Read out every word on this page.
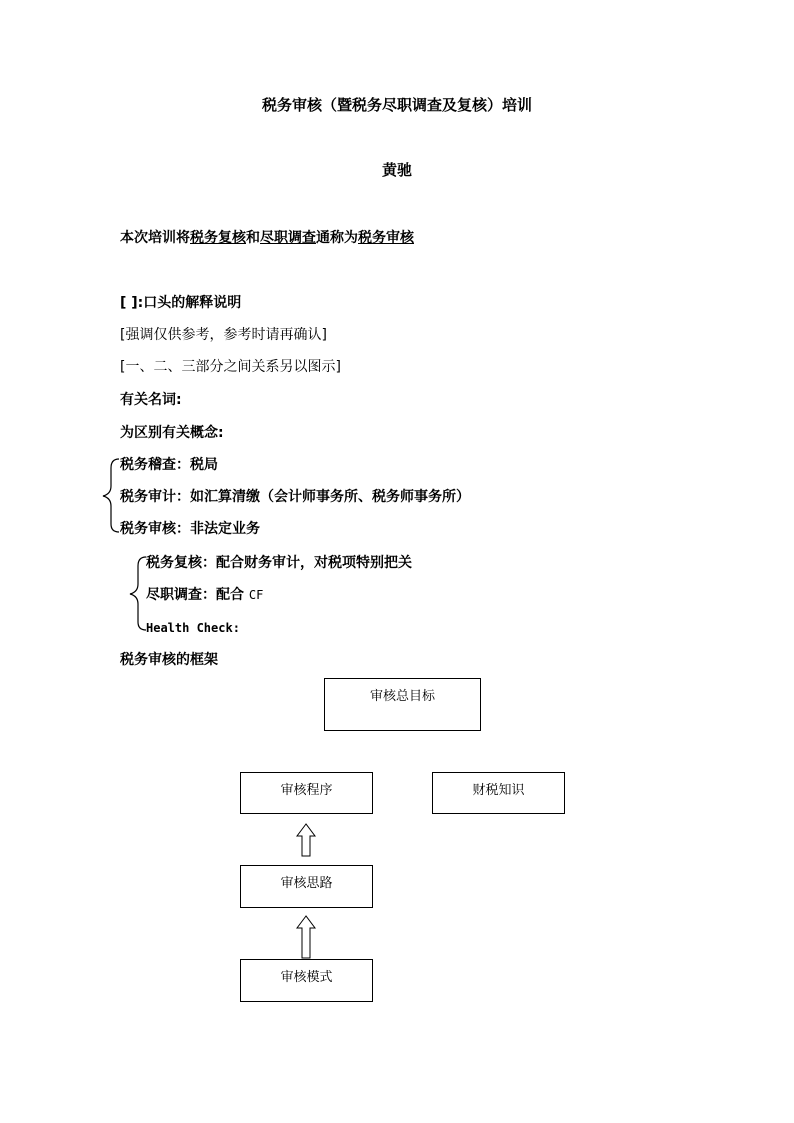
税务审核（暨税务尽职调查及复核）培训
黄驰
本次培训将税务复核和尽职调查通称为税务审核
[ ]:口头的解释说明
[强调仅供参考，参考时请再确认]
[一、二、三部分之间关系另以图示]
有关名词:
为区别有关概念:
税务稽查：税局
税务审计：如汇算清缴（会计师事务所、税务师事务所）
税务审核：非法定业务
税务复核：配合财务审计，对税项特别把关
尽职调查：配合 CF
Health Check:
税务审核的框架
审核总目标
审核程序	财税知识
审核思路
审核模式
